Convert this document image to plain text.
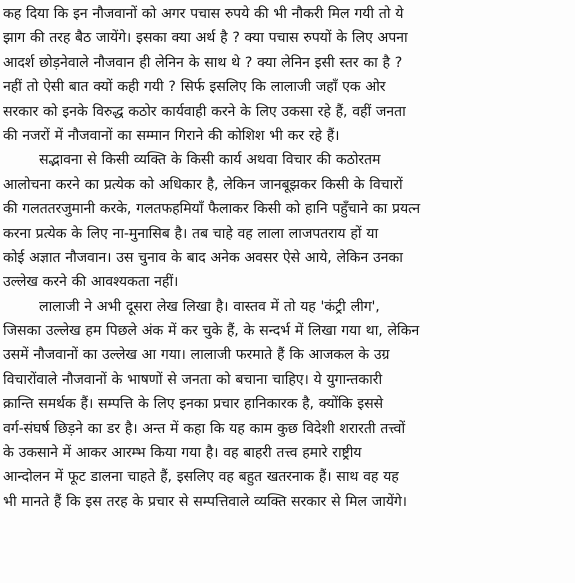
कह दिया कि इन नौजवानों को अगर पचास रुपये की भी नौकरी मिल गयी तो ये
झाग की तरह बैठ जायेंगे। इसका क्या अर्थ है ? क्या पचास रुपयों के लिए अपना
आदर्श छोड़नेवाले नौजवान ही लेनिन के साथ थे ? क्या लेनिन इसी स्तर का है ?
नहीं तो ऐसी बात क्यों कही गयी ? सिर्फ इसलिए कि लालाजी जहाँ एक ओर
सरकार को इनके विरुद्ध कठोर कार्यवाही करने के लिए उकसा रहे हैं, वहीं जनता
की नजरों में नौजवानों का सम्मान गिराने की कोशिश भी कर रहे हैं।
सद्भावना से किसी व्यक्ति के किसी कार्य अथवा विचार की कठोरतम
आलोचना करने का प्रत्येक को अधिकार है, लेकिन जानबूझकर किसी के विचारों
की गलततरजुमानी करके, गलतफहमियाँ फैलाकर किसी को हानि पहुँचाने का प्रयत्न
करना प्रत्येक के लिए ना-मुनासिब है। तब चाहे वह लाला लाजपतराय हों या
कोई अज्ञात नौजवान। उस चुनाव के बाद अनेक अवसर ऐसे आये, लेकिन उनका
उल्लेख करने की आवश्यकता नहीं।
लालाजी ने अभी दूसरा लेख लिखा है। वास्तव में तो यह 'कंट्री लीग',
जिसका उल्लेख हम पिछले अंक में कर चुके हैं, के सन्दर्भ में लिखा गया था, लेकिन
उसमें नौजवानों का उल्लेख आ गया। लालाजी फरमाते हैं कि आजकल के उग्र
विचारोंवाले नौजवानों के भाषणों से जनता को बचाना चाहिए। ये युगान्तकारी
क्रान्ति समर्थक हैं। सम्पत्ति के लिए इनका प्रचार हानिकारक है, क्योंकि इससे
वर्ग-संघर्ष छिड़ने का डर है। अन्त में कहा कि यह काम कुछ विदेशी शरारती तत्त्वों
के उकसाने में आकर आरम्भ किया गया है। वह बाहरी तत्त्व हमारे राष्ट्रीय
आन्दोलन में फूट डालना चाहते हैं, इसलिए वह बहुत खतरनाक हैं। साथ वह यह
भी मानते हैं कि इस तरह के प्रचार से सम्पत्तिवाले व्यक्ति सरकार से मिल जायेंगे।
